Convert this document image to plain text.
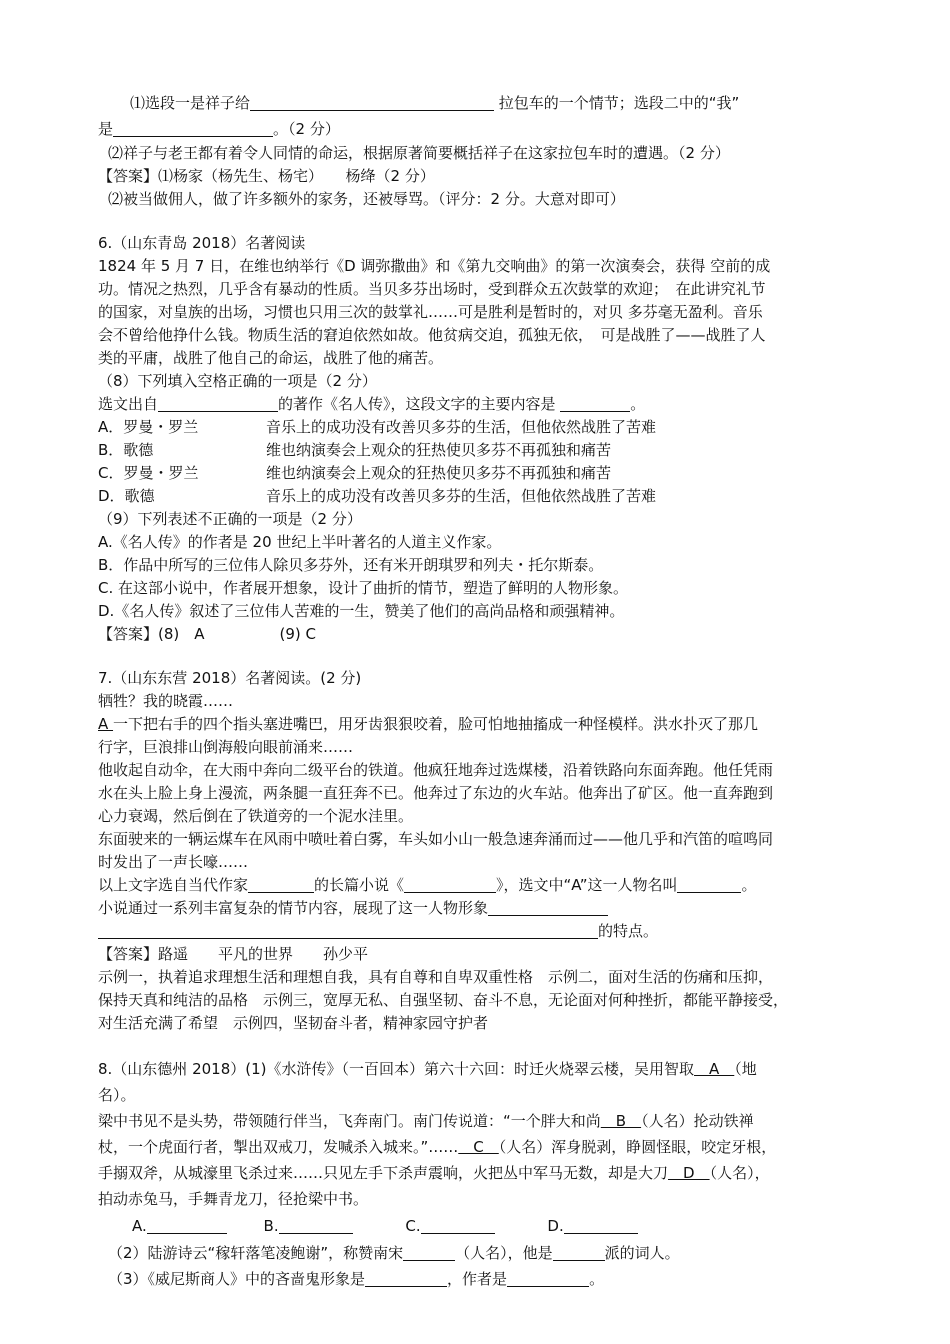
⑴选段一是祥子给	拉包车的一个情节；选段二中的“我”
是	。（2 分）
⑵祥子与老王都有着令人同情的命运，根据原著简要概括祥子在这家拉包车时的遭遇。（2 分）
【答案】⑴杨家（杨先生、杨宅）　　杨绛（2 分）
⑵被当做佣人，做了许多额外的家务，还被辱骂。（评分：2 分。大意对即可）
6.（山东青岛 2018）名著阅读
1824 年 5 月 7 日，在维也纳举行《D 调弥撒曲》和《第九交响曲》的第一次演奏会，获得 空前的成
功。情况之热烈，几乎含有暴动的性质。当贝多芬出场时，受到群众五次鼓掌的欢迎；　在此讲究礼节
的国家，对皇族的出场，习惯也只用三次的鼓掌礼……可是胜利是暂时的，对贝 多芬毫无盈利。音乐
会不曾给他挣什么钱。物质生活的窘迫依然如故。他贫病交迫，孤独无依，　可是战胜了——战胜了人
类的平庸，战胜了他自己的命运，战胜了他的痛苦。
（8）下列填入空格正确的一项是（2 分）
选文出自	的著作《名人传》，这段文字的主要内容是	。
A．罗曼・罗兰	音乐上的成功没有改善贝多芬的生活，但他依然战胜了苦难
B．歌德	维也纳演奏会上观众的狂热使贝多芬不再孤独和痛苦
C．罗曼・罗兰	维也纳演奏会上观众的狂热使贝多芬不再孤独和痛苦
D．歌德	音乐上的成功没有改善贝多芬的生活，但他依然战胜了苦难
（9）下列表述不正确的一项是（2 分）
A.《名人传》的作者是 20 世纪上半叶著名的人道主义作家。
B．作品中所写的三位伟人除贝多芬外，还有米开朗琪罗和列夫・托尔斯泰。
C. 在这部小说中，作者展开想象，设计了曲折的情节，塑造了鲜明的人物形象。
D.《名人传》叙述了三位伟人苦难的一生，赞美了他们的高尚品格和顽强精神。
【答案】(8)　A　　　　　(9) C
7.（山东东营 2018）名著阅读。(2 分)
牺牲？我的晓霞……
A 一下把右手的四个指头塞进嘴巴，用牙齿狠狠咬着，脸可怕地抽搐成一种怪模样。洪水扑灭了那几
行字，巨浪排山倒海般向眼前涌来……
他收起自动伞，在大雨中奔向二级平台的铁道。他疯狂地奔过选煤楼，沿着铁路向东面奔跑。他任凭雨
水在头上脸上身上漫流，两条腿一直狂奔不已。他奔过了东边的火车站。他奔出了矿区。他一直奔跑到
心力衰竭，然后倒在了铁道旁的一个泥水洼里。
东面驶来的一辆运煤车在风雨中喷吐着白雾，车头如小山一般急速奔涌而过——他几乎和汽笛的喧鸣同
时发出了一声长嚎……
以上文字选自当代作家	的长篇小说《	》，选文中“A”这一人物名叫	。
小说通过一系列丰富复杂的情节内容，展现了这一人物形象
的特点。
【答案】路遥　　平凡的世界　　孙少平
示例一，执着追求理想生活和理想自我，具有自尊和自卑双重性格　示例二，面对生活的伤痛和压抑，
保持天真和纯洁的品格　示例三，宽厚无私、自强坚韧、奋斗不息，无论面对何种挫折，都能平静接受，
对生活充满了希望　示例四，坚韧奋斗者，精神家园守护者
8.（山东德州 2018）(1)《水浒传》（一百回本）第六十六回：时迁火烧翠云楼，吴用智取　A　（地
名）。
梁中书见不是头势，带领随行伴当，飞奔南门。南门传说道：“一个胖大和尚　B　（人名）抡动铁禅
杖，一个虎面行者，掣出双戒刀，发喊杀入城来。”……　C　（人名）浑身脱剥，睁圆怪眼，咬定牙根，
手搦双斧，从城濠里飞杀过来……只见左手下杀声震响，火把丛中军马无数，却是大刀　D　（人名），
拍动赤兔马，手舞青龙刀，径抢梁中书。
A.	B.	C.	D.
（2）陆游诗云“稼轩落笔凌鲍谢”，称赞南宋	（人名），他是	派的词人。
（3）《威尼斯商人》中的吝啬鬼形象是	，作者是	。
